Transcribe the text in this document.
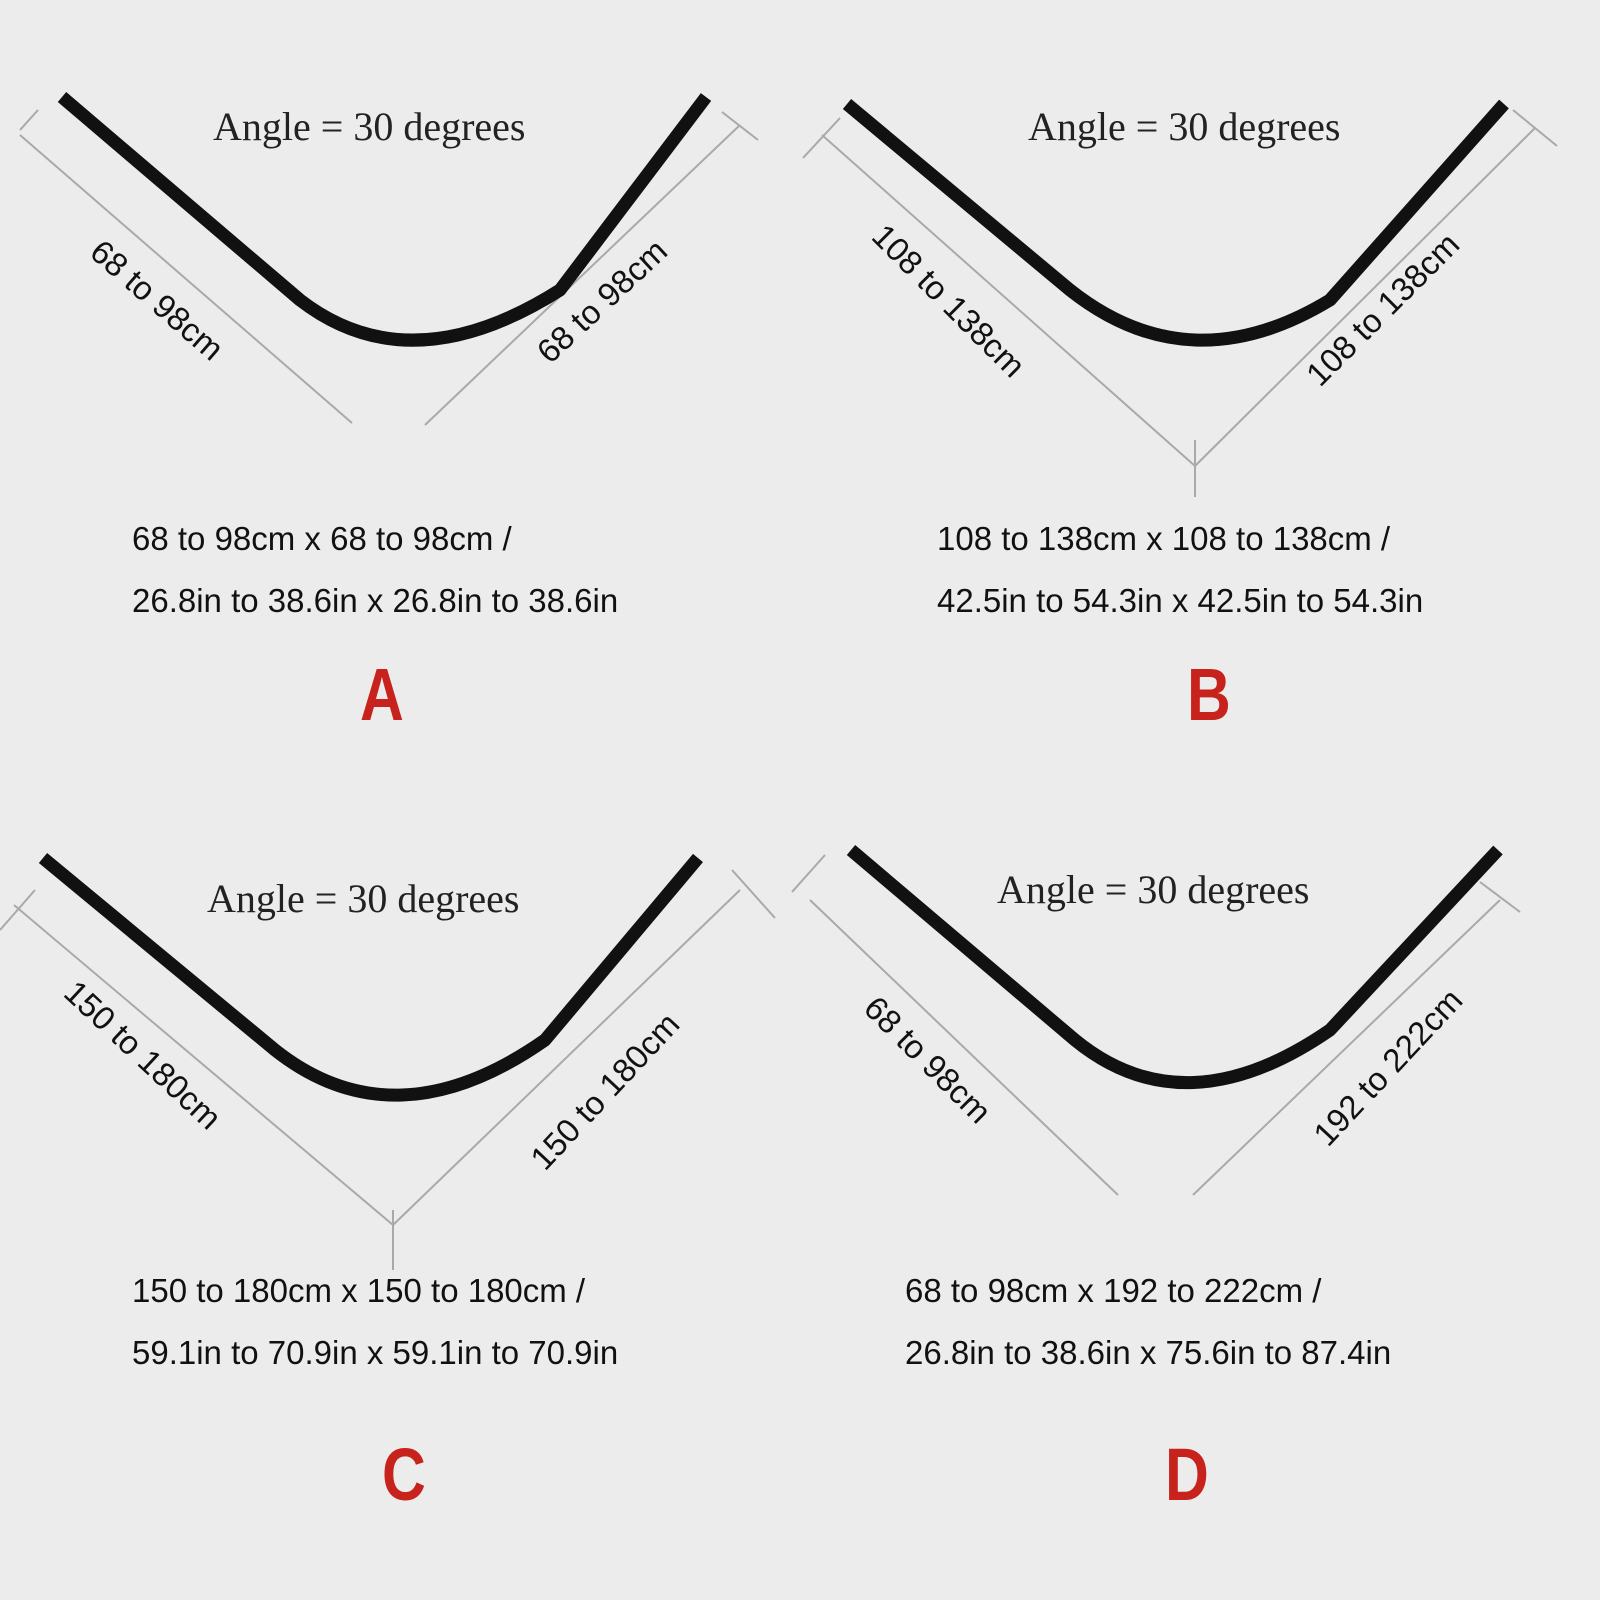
Angle = 30 degrees
68 to 98cm	68 to 98cm
68 to 98cm x 68 to 98cm /
26.8in to 38.6in x 26.8in to 38.6in
A
Angle = 30 degrees
108 to 138cm	108 to 138cm
108 to 138cm x 108 to 138cm /
42.5in to 54.3in x 42.5in to 54.3in
B
Angle = 30 degrees
150 to 180cm	150 to 180cm
150 to 180cm x 150 to 180cm /
59.1in to 70.9in x 59.1in to 70.9in
C
Angle = 30 degrees
68 to 98cm	192 to 222cm
68 to 98cm x 192 to 222cm /
26.8in to 38.6in x 75.6in to 87.4in
D
